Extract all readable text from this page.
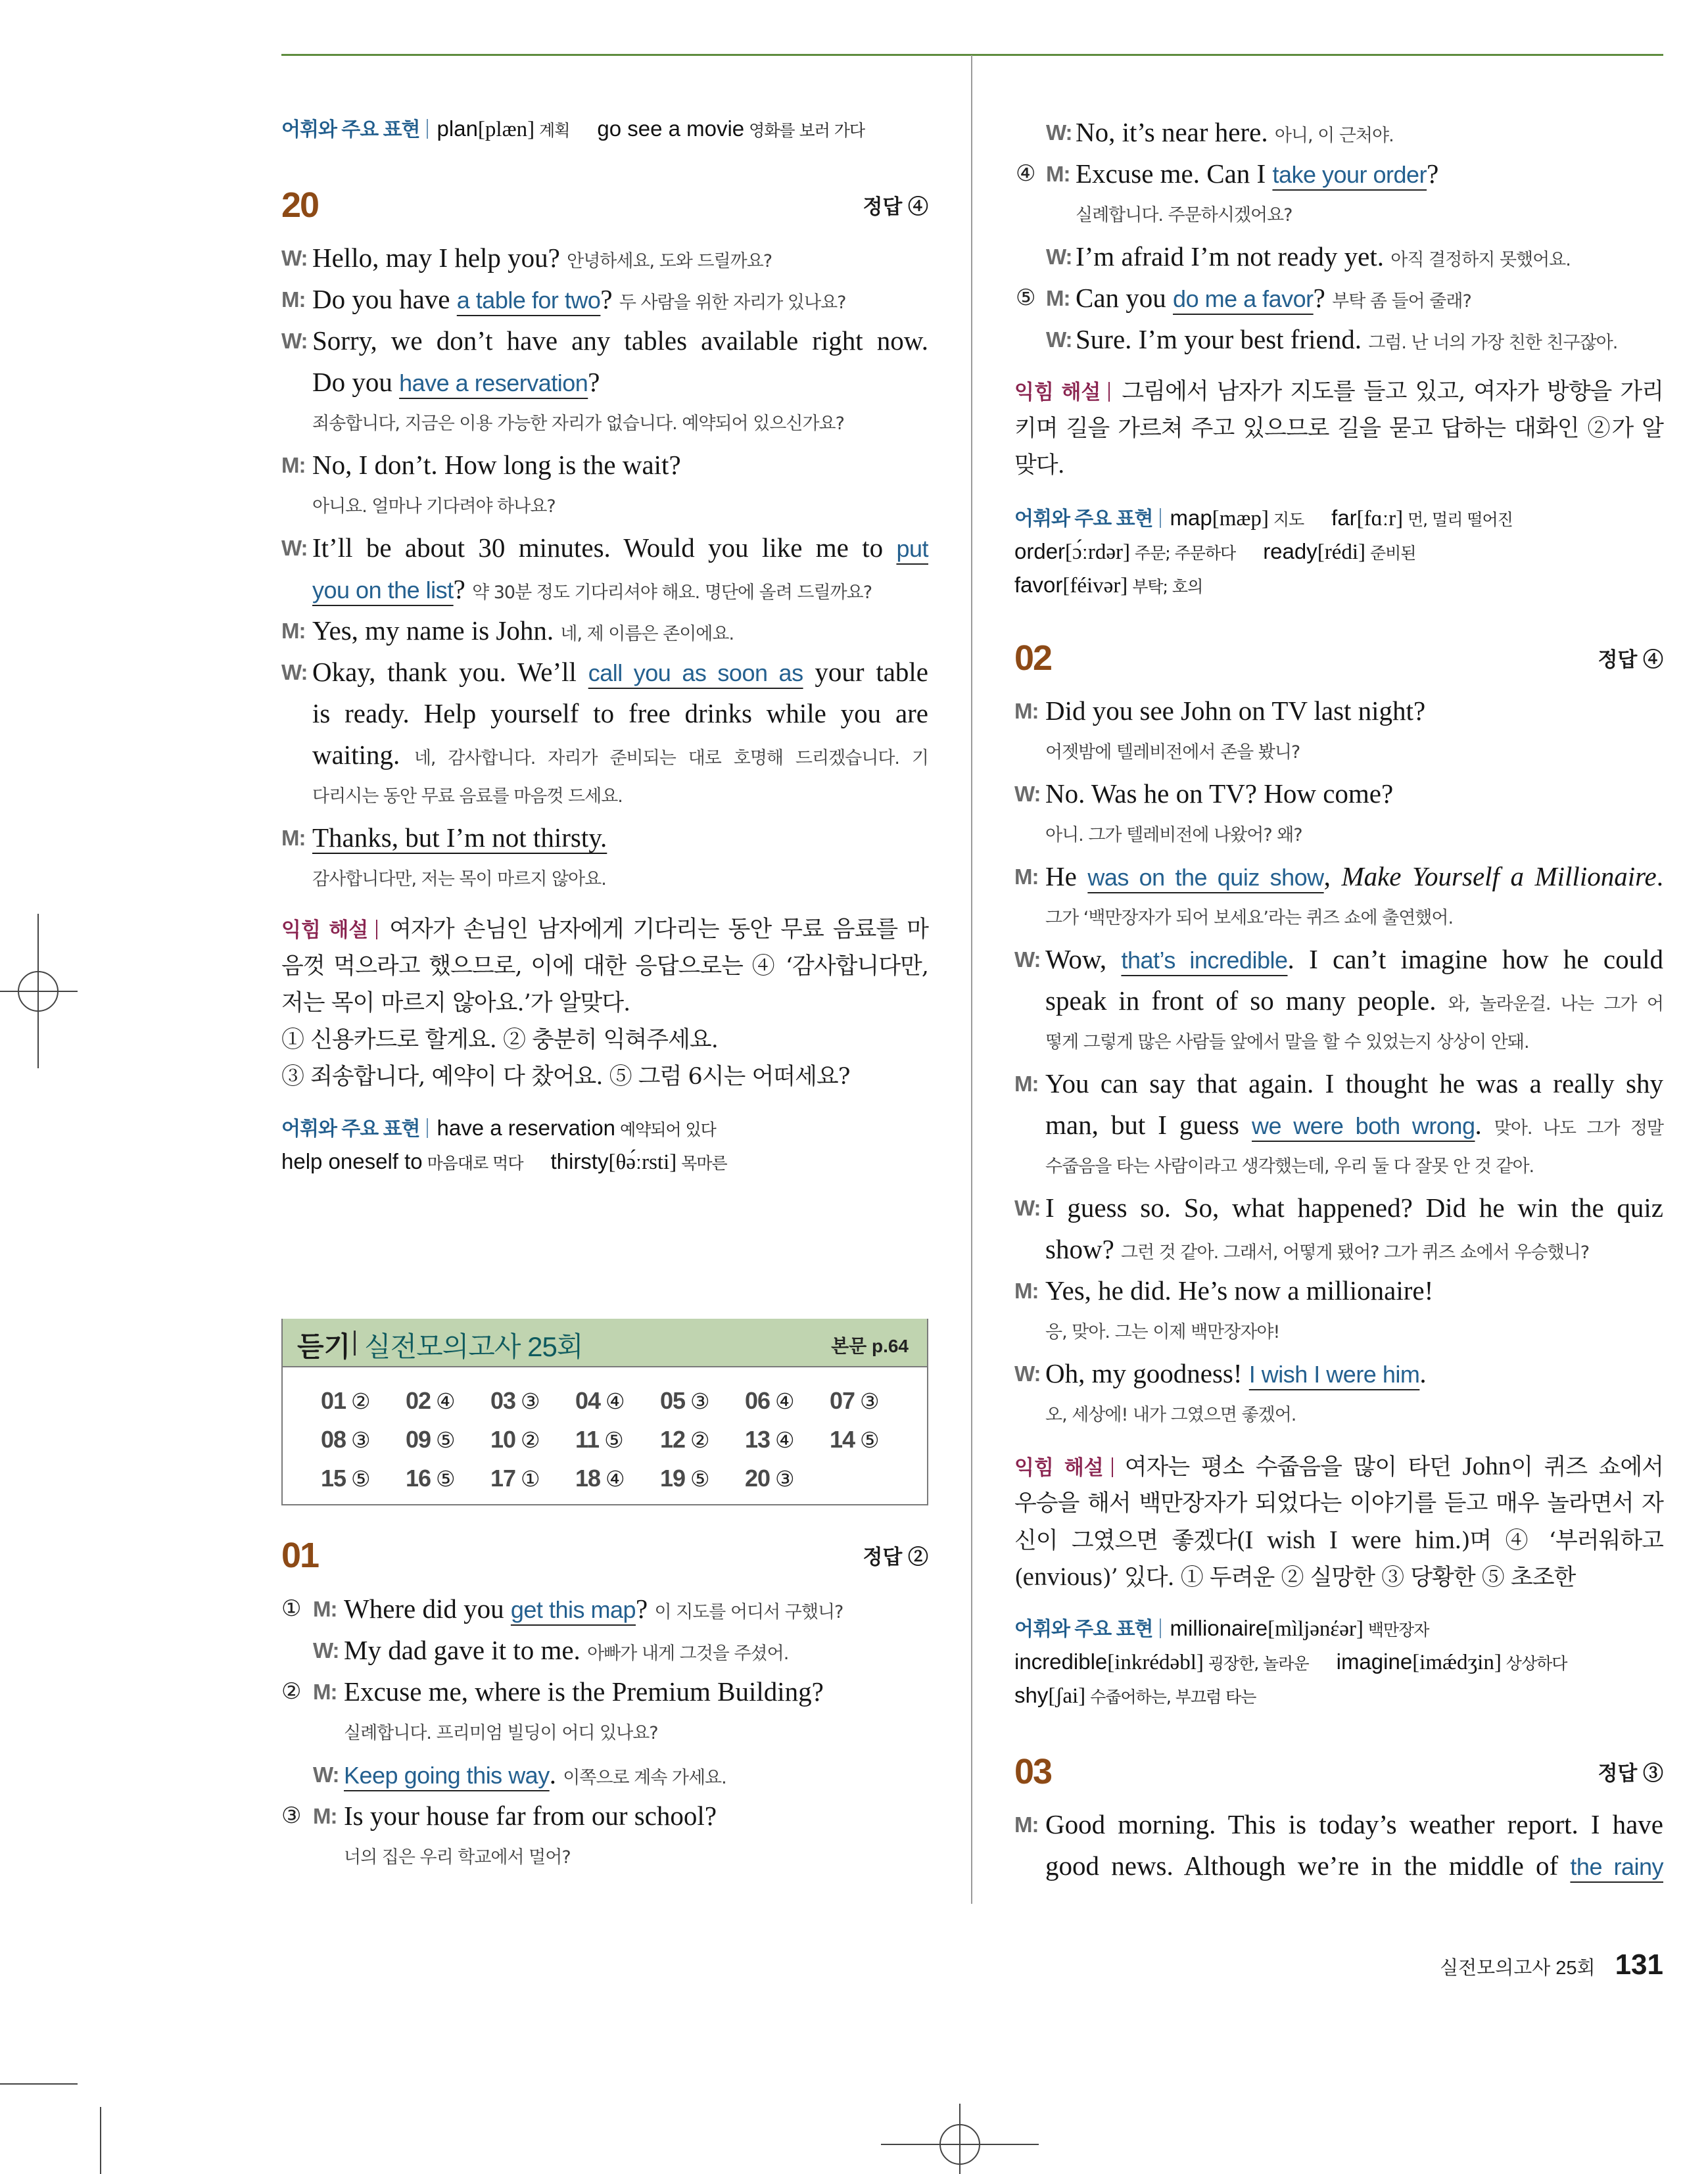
어휘와 주요 표현 plan[plæn] 계획 go see a movie 영화를 보러 가다
20	정답 ④
W: Hello, may I help you? 안녕하세요, 도와 드릴까요?
M: Do you have a table for two? 두 사람을 위한 자리가 있나요?
W: Sorry, we don’t have any tables available right now.
Do you have a reservation?
죄송합니다, 지금은 이용 가능한 자리가 없습니다. 예약되어 있으신가요?
M: No, I don’t. How long is the wait?
아니요. 얼마나 기다려야 하나요?
W: It’ll be about 30 minutes. Would you like me to put
you on the list? 약 30분 정도 기다리셔야 해요. 명단에 올려 드릴까요?
M: Yes, my name is John. 네, 제 이름은 존이에요.
W: Okay, thank you. We’ll call you as soon as your table
is ready. Help yourself to free drinks while you are
waiting. 네, 감사합니다. 자리가 준비되는 대로 호명해 드리겠습니다. 기
다리시는 동안 무료 음료를 마음껏 드세요.
M: Thanks, but I’m not thirsty.
감사합니다만, 저는 목이 마르지 않아요.
익힘 해설 여자가 손님인 남자에게 기다리는 동안 무료 음료를 마
음껏 먹으라고 했으므로, 이에 대한 응답으로는 ④ ‘감사합니다만,
저는 목이 마르지 않아요.’가 알맞다.
① 신용카드로 할게요. ② 충분히 익혀주세요.
③ 죄송합니다, 예약이 다 찼어요. ⑤ 그럼 6시는 어떠세요?
어휘와 주요 표현 have a reservation 예약되어 있다
help oneself to 마음대로 먹다 thirsty[θə́ːrsti] 목마른
듣기 실전모의고사 25회	본문 p.64
01 ②	02 ④	03 ③	04 ④	05 ③	06 ④	07 ③
08 ③	09 ⑤	10 ②	11 ⑤	12 ②	13 ④	14 ⑤
15 ⑤	16 ⑤	17 ①	18 ④	19 ⑤	20 ③
01	정답 ②
① M: Where did you get this map? 이 지도를 어디서 구했니?
W: My dad gave it to me. 아빠가 내게 그것을 주셨어.
② M: Excuse me, where is the Premium Building?
실례합니다. 프리미엄 빌딩이 어디 있나요?
W: Keep going this way. 이쪽으로 계속 가세요.
③ M: Is your house far from our school?
너의 집은 우리 학교에서 멀어?
W: No, it’s near here. 아니, 이 근처야.
④ M: Excuse me. Can I take your order?
실례합니다. 주문하시겠어요?
W: I’m afraid I’m not ready yet. 아직 결정하지 못했어요.
⑤ M: Can you do me a favor? 부탁 좀 들어 줄래?
W: Sure. I’m your best friend. 그럼. 난 너의 가장 친한 친구잖아.
익힘 해설 그림에서 남자가 지도를 들고 있고, 여자가 방향을 가리
키며 길을 가르쳐 주고 있으므로 길을 묻고 답하는 대화인 ②가 알
맞다.
어휘와 주요 표현 map[mæp] 지도 far[fɑːr] 먼, 멀리 떨어진
order[ɔ́ːrdər] 주문; 주문하다 ready[rédi] 준비된
favor[féivər] 부탁; 호의
02	정답 ④
M: Did you see John on TV last night?
어젯밤에 텔레비전에서 존을 봤니?
W: No. Was he on TV? How come?
아니. 그가 텔레비전에 나왔어? 왜?
M: He was on the quiz show, Make Yourself a Millionaire.
그가 ‘백만장자가 되어 보세요’라는 퀴즈 쇼에 출연했어.
W: Wow, that’s incredible. I can’t imagine how he could
speak in front of so many people. 와, 놀라운걸. 나는 그가 어
떻게 그렇게 많은 사람들 앞에서 말을 할 수 있었는지 상상이 안돼.
M: You can say that again. I thought he was a really shy
man, but I guess we were both wrong. 맞아. 나도 그가 정말
수줍음을 타는 사람이라고 생각했는데, 우리 둘 다 잘못 안 것 같아.
W: I guess so. So, what happened? Did he win the quiz
show? 그런 것 같아. 그래서, 어떻게 됐어? 그가 퀴즈 쇼에서 우승했니?
M: Yes, he did. He’s now a millionaire!
응, 맞아. 그는 이제 백만장자야!
W: Oh, my goodness! I wish I were him.
오, 세상에! 내가 그였으면 좋겠어.
익힘 해설 여자는 평소 수줍음을 많이 타던 John이 퀴즈 쇼에서
우승을 해서 백만장자가 되었다는 이야기를 듣고 매우 놀라면서 자
신이 그였으면 좋겠다(I wish I were him.)며 ④ ‘부러워하고
(envious)’ 있다. ① 두려운 ② 실망한 ③ 당황한 ⑤ 초조한
어휘와 주요 표현 millionaire[mìljənέər] 백만장자
incredible[inkrédəbl] 굉장한, 놀라운 imagine[imǽdʒin] 상상하다
shy[ʃai] 수줍어하는, 부끄럼 타는
03	정답 ③
M: Good morning. This is today’s weather report. I have
good news. Although we’re in the middle of the rainy
실전모의고사 25회 131
